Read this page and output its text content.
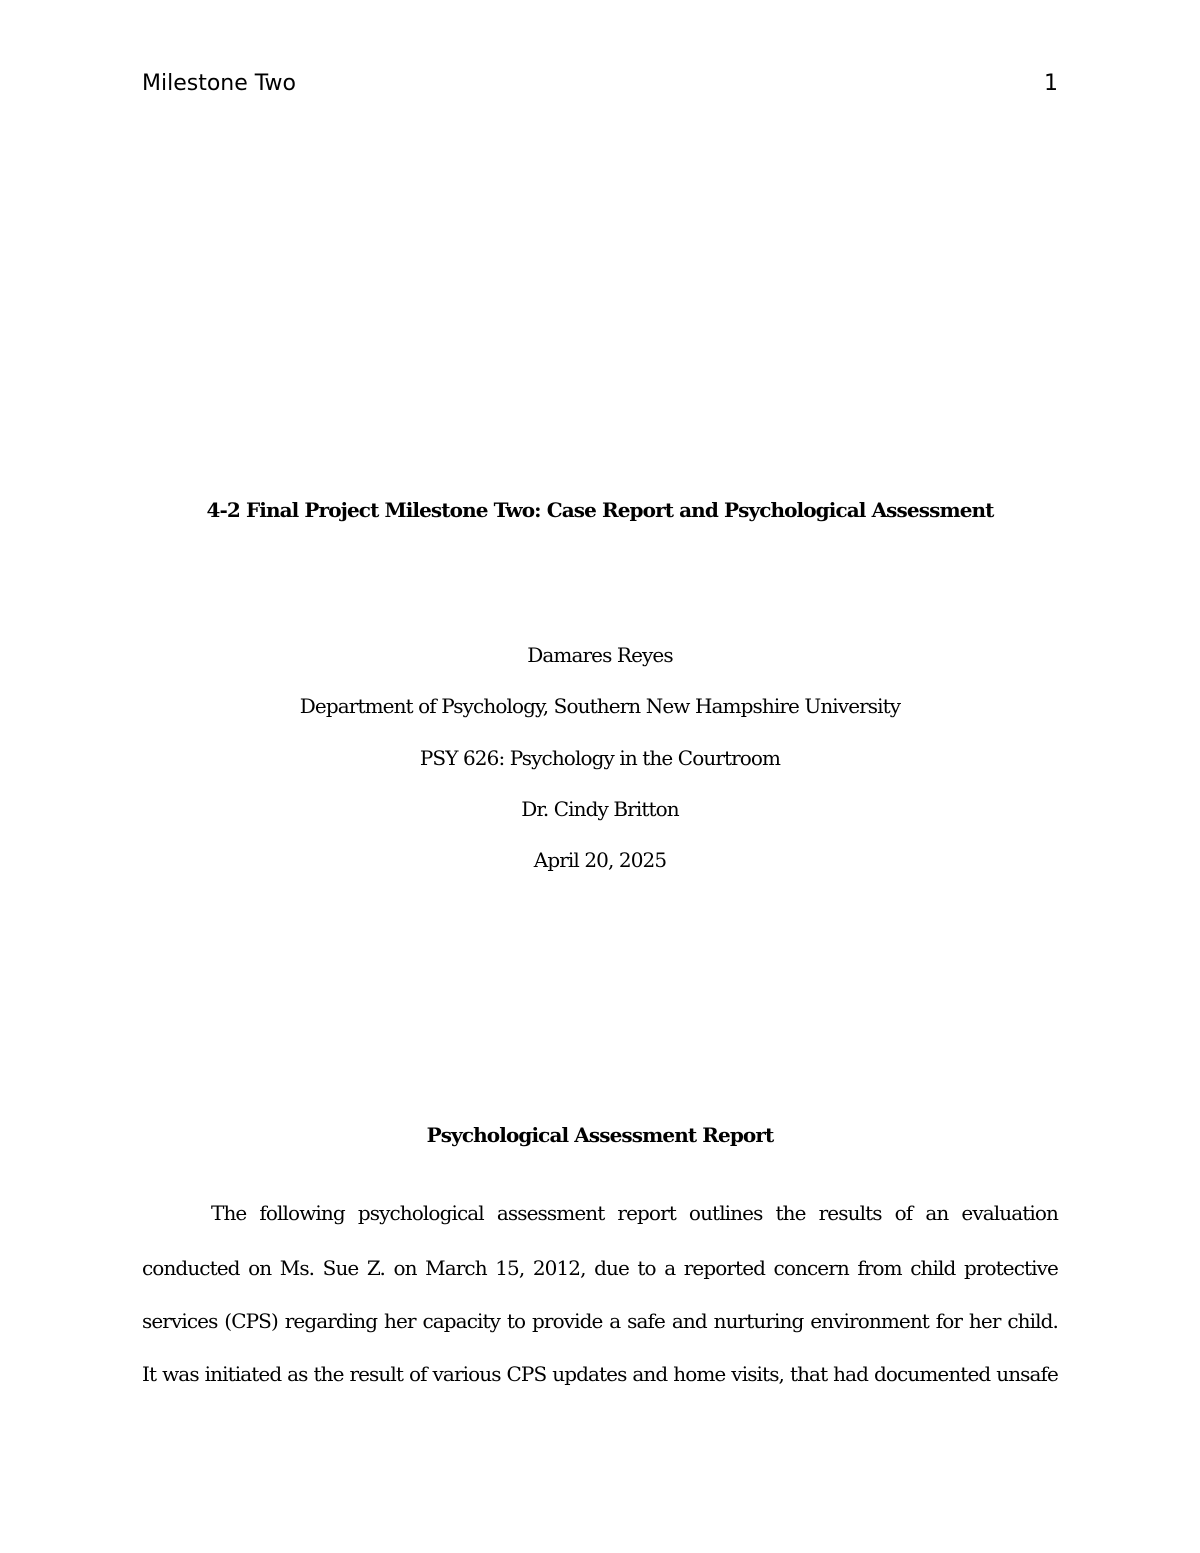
Milestone Two	1
4-2 Final Project Milestone Two: Case Report and Psychological Assessment
Damares Reyes
Department of Psychology, Southern New Hampshire University
PSY 626: Psychology in the Courtroom
Dr. Cindy Britton
April 20, 2025
Psychological Assessment Report
The following psychological assessment report outlines the results of an evaluation
conducted on Ms. Sue Z. on March 15, 2012, due to a reported concern from child protective
services (CPS) regarding her capacity to provide a safe and nurturing environment for her child.
It was initiated as the result of various CPS updates and home visits, that had documented unsafe
